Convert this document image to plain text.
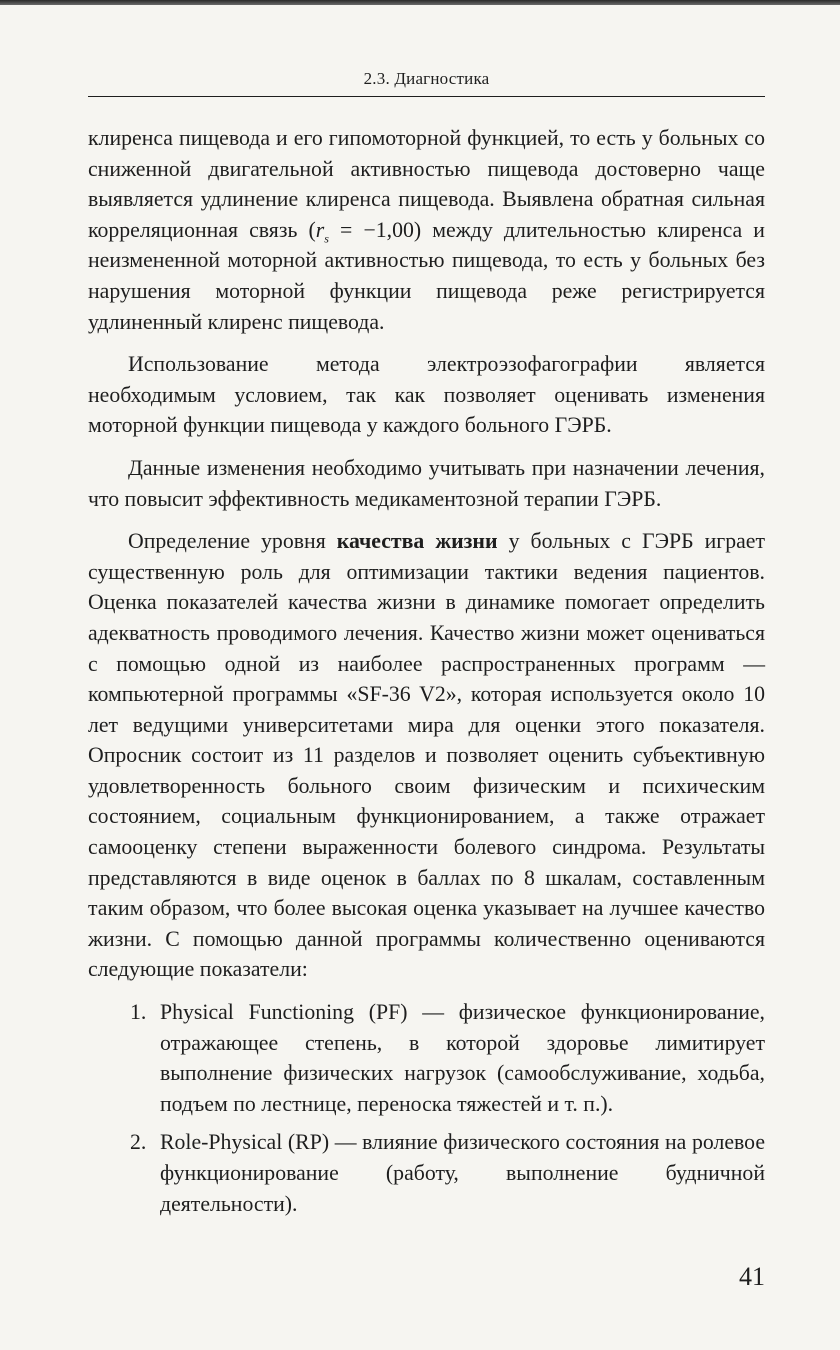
2.3. Диагностика

клиренса пищевода и его гипомоторной функцией, то есть у больных со сниженной двигательной активностью пищевода достоверно чаще выявляется удлинение клиренса пищевода. Выявлена обратная сильная корреляционная связь $(r_s = -1,00)$ между длительностью клиренса и неизмененной моторной активностью пищевода, то есть у больных без нарушения моторной функции пищевода реже регистрируется удлиненный клиренс пищевода.

Использование метода электроэзофагографии является необходимым условием, так как позволяет оценивать изменения моторной функции пищевода у каждого больного ГЭРБ.

Данные изменения необходимо учитывать при назначении лечения, что повысит эффективность медикаментозной терапии ГЭРБ.

Определение уровня качества жизни у больных с ГЭРБ играет существенную роль для оптимизации тактики ведения пациентов. Оценка показателей качества жизни в динамике помогает определить адекватность проводимого лечения. Качество жизни может оцениваться с помощью одной из наиболее распространенных программ — компьютерной программы «SF-36 V2», которая используется около 10 лет ведущими университетами мира для оценки этого показателя. Опросник состоит из 11 разделов и позволяет оценить субъективную удовлетворенность больного своим физическим и психическим состоянием, социальным функционированием, а также отражает самооценку степени выраженности болевого синдрома. Результаты представляются в виде оценок в баллах по 8 шкалам, составленным таким образом, что более высокая оценка указывает на лучшее качество жизни. С помощью данной программы количественно оцениваются следующие показатели:

1. Physical Functioning (PF) — физическое функционирование, отражающее степень, в которой здоровье лимитирует выполнение физических нагрузок (самообслуживание, ходьба, подъем по лестнице, переноска тяжестей и т. п.).
2. Role-Physical (RP) — влияние физического состояния на ролевое функционирование (работу, выполнение будничной деятельности).
41
